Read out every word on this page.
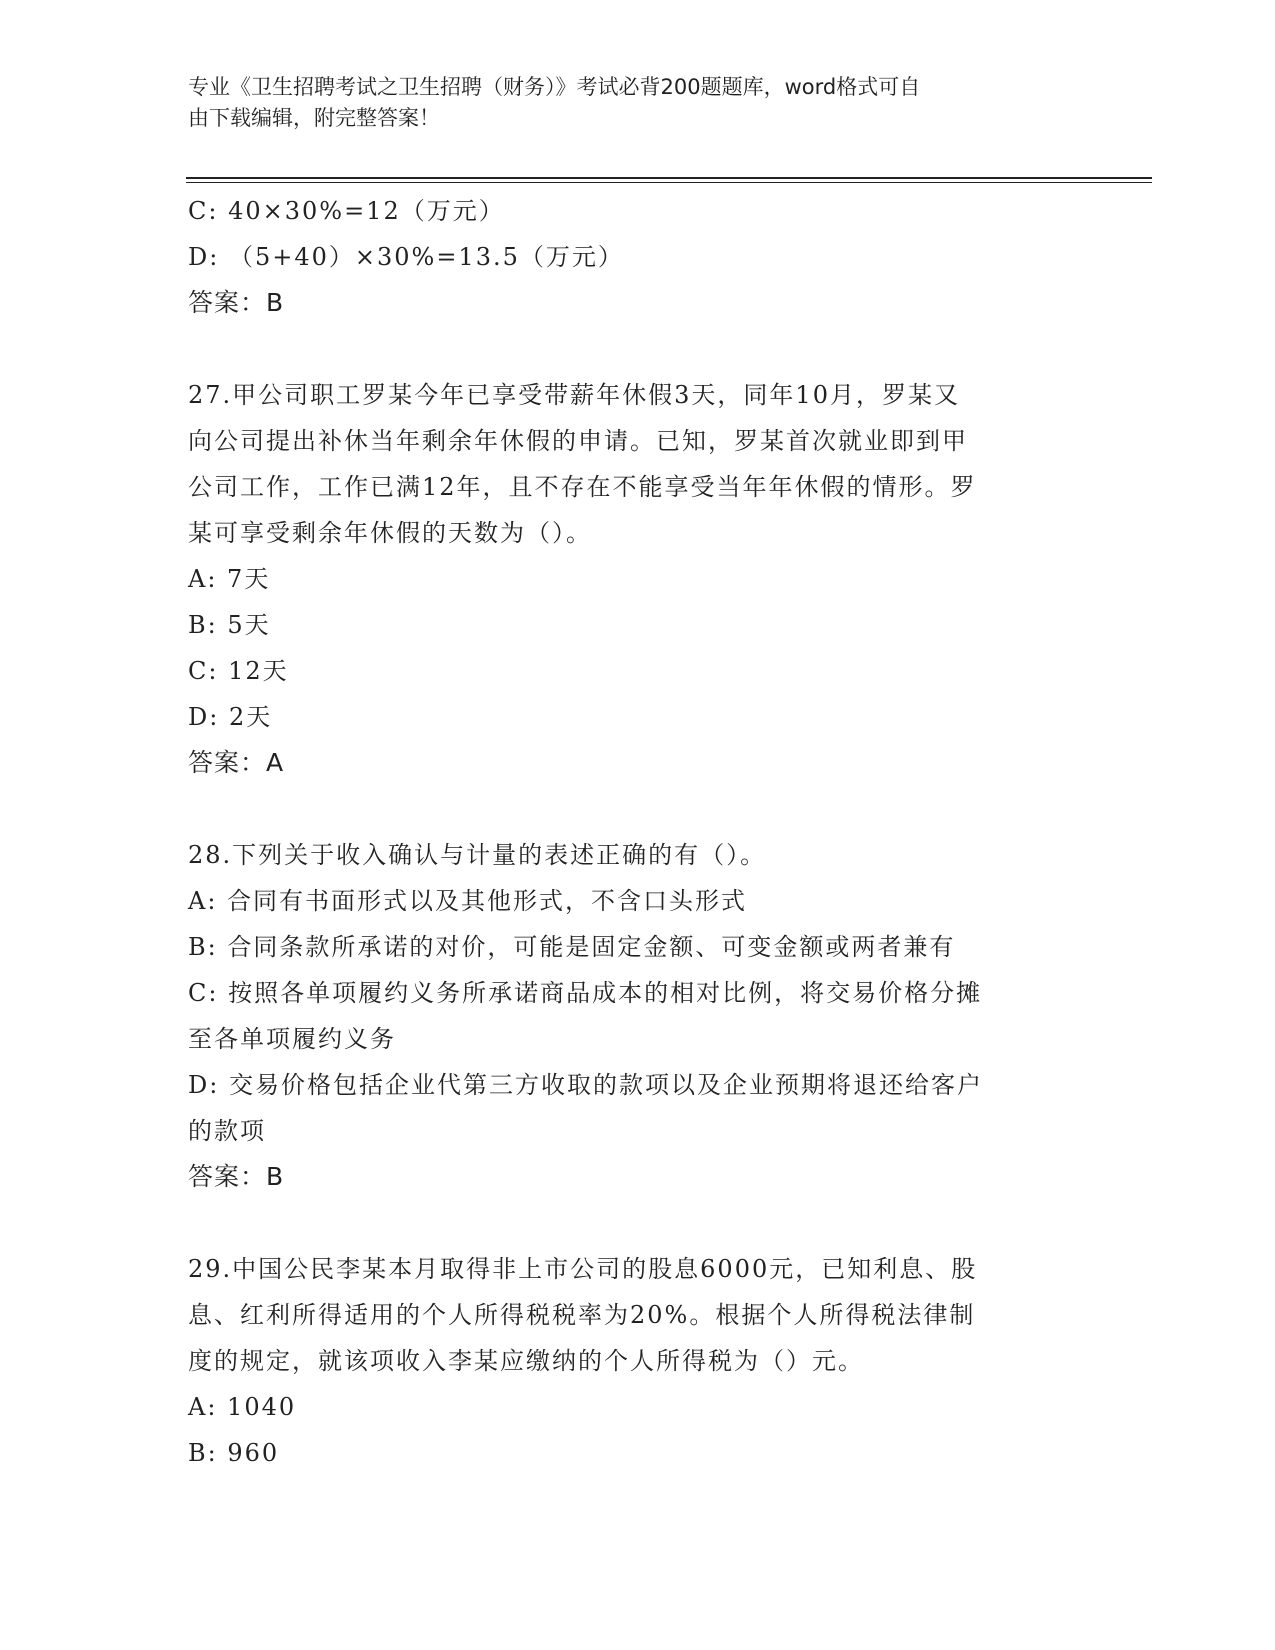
专业《卫生招聘考试之卫生招聘（财务）》考试必背200题题库，word格式可自
由下载编辑，附完整答案！
C: 40×30%=12（万元）
D: （5+40）×30%=13.5（万元）
答案：B
27.甲公司职工罗某今年已享受带薪年休假3天，同年10月，罗某又
向公司提出补休当年剩余年休假的申请。已知，罗某首次就业即到甲
公司工作，工作已满12年，且不存在不能享受当年年休假的情形。罗
某可享受剩余年休假的天数为（）。
A: 7天
B: 5天
C: 12天
D: 2天
答案：A
28.下列关于收入确认与计量的表述正确的有（）。
A: 合同有书面形式以及其他形式，不含口头形式
B: 合同条款所承诺的对价，可能是固定金额、可变金额或两者兼有
C: 按照各单项履约义务所承诺商品成本的相对比例，将交易价格分摊
至各单项履约义务
D: 交易价格包括企业代第三方收取的款项以及企业预期将退还给客户
的款项
答案：B
29.中国公民李某本月取得非上市公司的股息6000元，已知利息、股
息、红利所得适用的个人所得税税率为20%。根据个人所得税法律制
度的规定，就该项收入李某应缴纳的个人所得税为（）元。
A: 1040
B: 960
